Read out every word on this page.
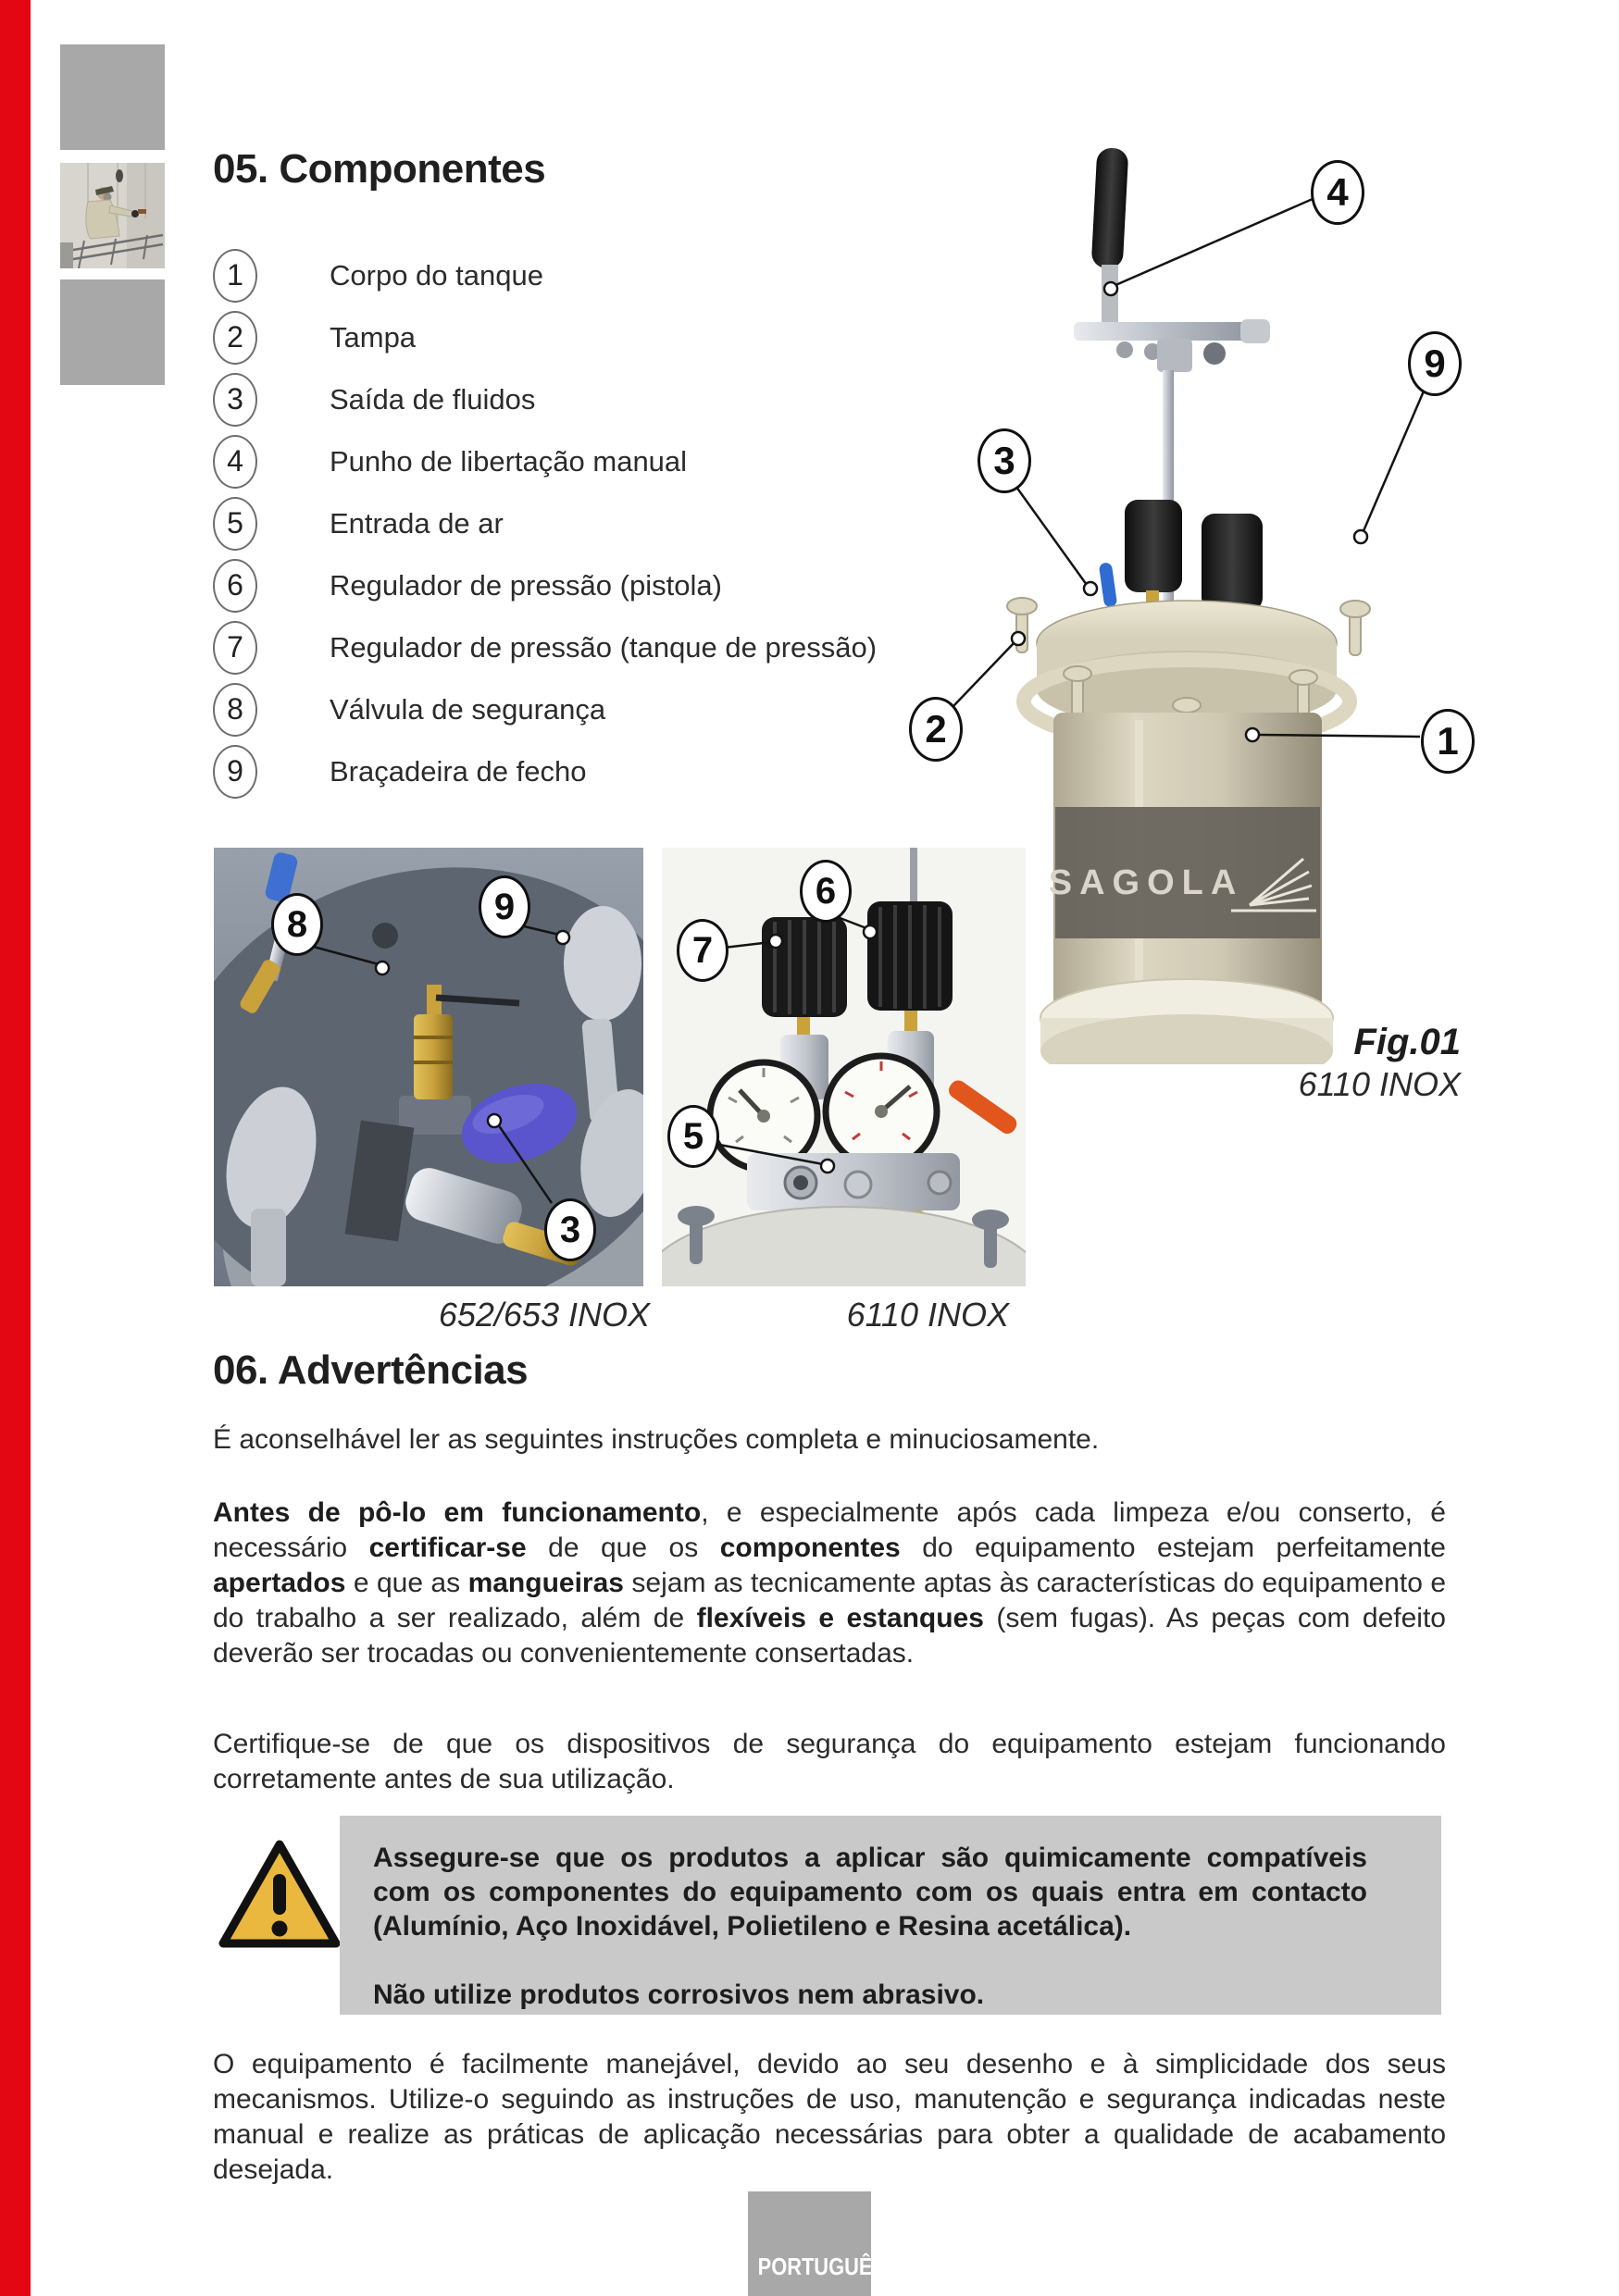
05. Componentes
1	Corpo do tanque
2	Tampa
3	Saída de fluidos
4	Punho de libertação manual
5	Entrada de ar
6	Regulador de pressão (pistola)
7	Regulador de pressão (tanque de pressão)
8	Válvula de segurança
9	Braçadeira de fecho
SAGOLA
4
9
3
2	1
8	9
3
6
7
5
Fig.01
6110 INOX
652/653 INOX	6110 INOX
06. Advertências
É aconselhável ler as seguintes instruções completa e minuciosamente.
Antes de pô-lo em funcionamento, e especialmente após cada limpeza e/ou conserto, é necessário certificar-se de que os componentes do equipamento estejam perfeitamente apertados e que as mangueiras sejam as tecnicamente aptas às características do equipamento e do trabalho a ser realizado, além de flexíveis e estanques (sem fugas). As peças com defeito deverão ser trocadas ou convenientemente consertadas.
Certifique-se de que os dispositivos de segurança do equipamento estejam funcionando corretamente antes de sua utilização.
Assegure-se que os produtos a aplicar são quimicamente compatíveis com os componentes do equipamento com os quais entra em contacto (Alumínio, Aço Inoxidável, Polietileno e Resina acetálica).
Não utilize produtos corrosivos nem abrasivo.
O equipamento é facilmente manejável, devido ao seu desenho e à simplicidade dos seus mecanismos. Utilize-o seguindo as instruções de uso, manutenção e segurança indicadas neste manual e realize as práticas de aplicação necessárias para obter a qualidade de acabamento desejada.
PORTUGUÊS
